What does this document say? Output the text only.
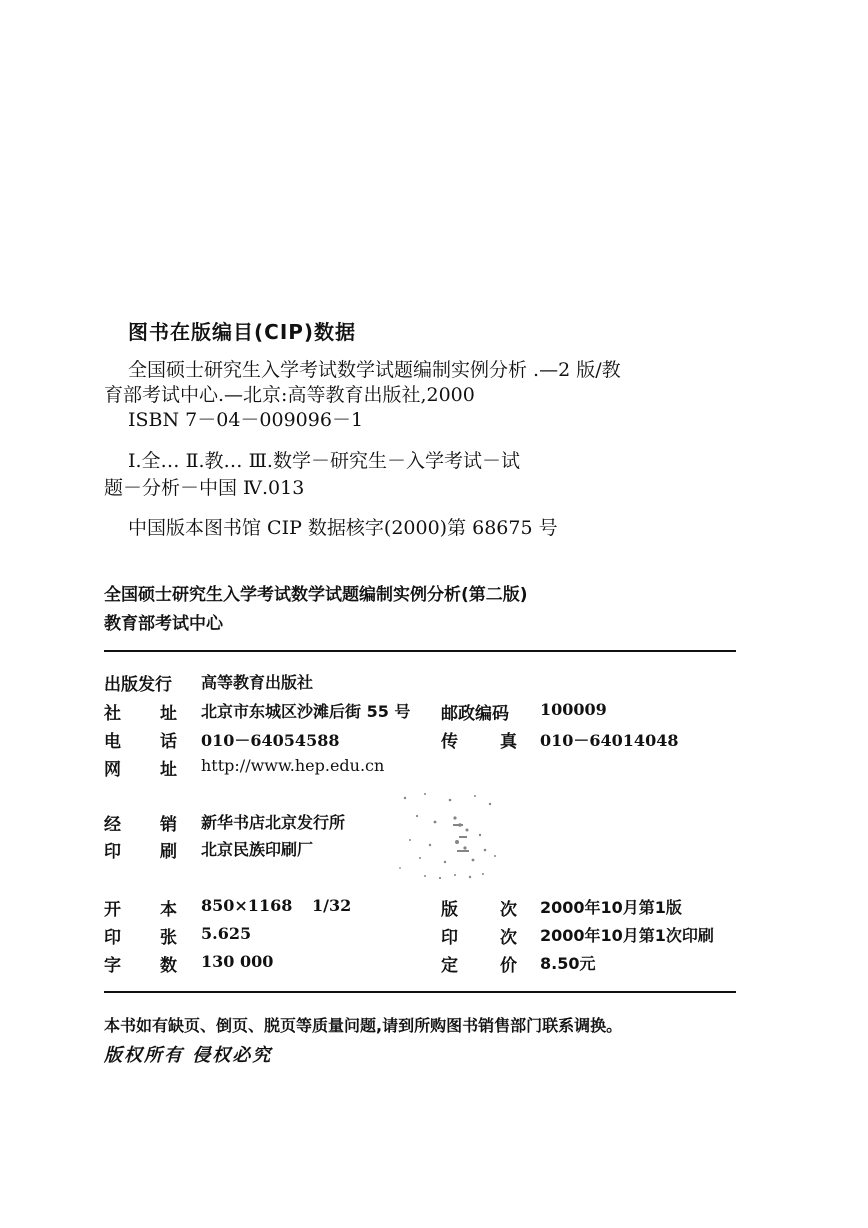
图书在版编目(CIP)数据
全国硕士研究生入学考试数学试题编制实例分析 .—2 版/教
育部考试中心.—北京:高等教育出版社,2000
ISBN 7－04－009096－1
Ⅰ.全… Ⅱ.教… Ⅲ.数学－研究生－入学考试－试
题－分析－中国 Ⅳ.013
中国版本图书馆 CIP 数据核字(2000)第 68675 号
全国硕士研究生入学考试数学试题编制实例分析(第二版)
教育部考试中心
出版发行 高等教育出版社
社 址 北京市东城区沙滩后街 55 号 邮政编码 100009
电 话 010－64054588	传 真 010－64014048
网 址 http://www.hep.edu.cn
经 销 新华书店北京发行所
印 刷 北京民族印刷厂
开 本 850×1168 1/32	版 次 2000年10月第1版
印 张 5.625	印 次 2000年10月第1次印刷
字 数 130 000	定 价 8.50元
本书如有缺页、倒页、脱页等质量问题,请到所购图书销售部门联系调换。
版权所有 侵权必究
